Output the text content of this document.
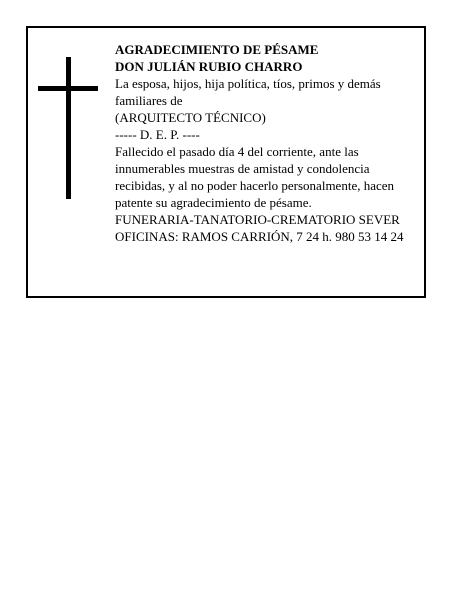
AGRADECIMIENTO DE PÉSAME
DON JULIÁN RUBIO CHARRO
La esposa, hijos, hija política, tíos, primos y demás
familiares de
(ARQUITECTO TÉCNICO)
----- D. E. P. ----
Fallecido el pasado día 4 del corriente, ante las
innumerables muestras de amistad y condolencia
recibidas, y al no poder hacerlo personalmente, hacen
patente su agradecimiento de pésame.
FUNERARIA-TANATORIO-CREMATORIO SEVER
OFICINAS: RAMOS CARRIÓN, 7 24 h. 980 53 14 24
